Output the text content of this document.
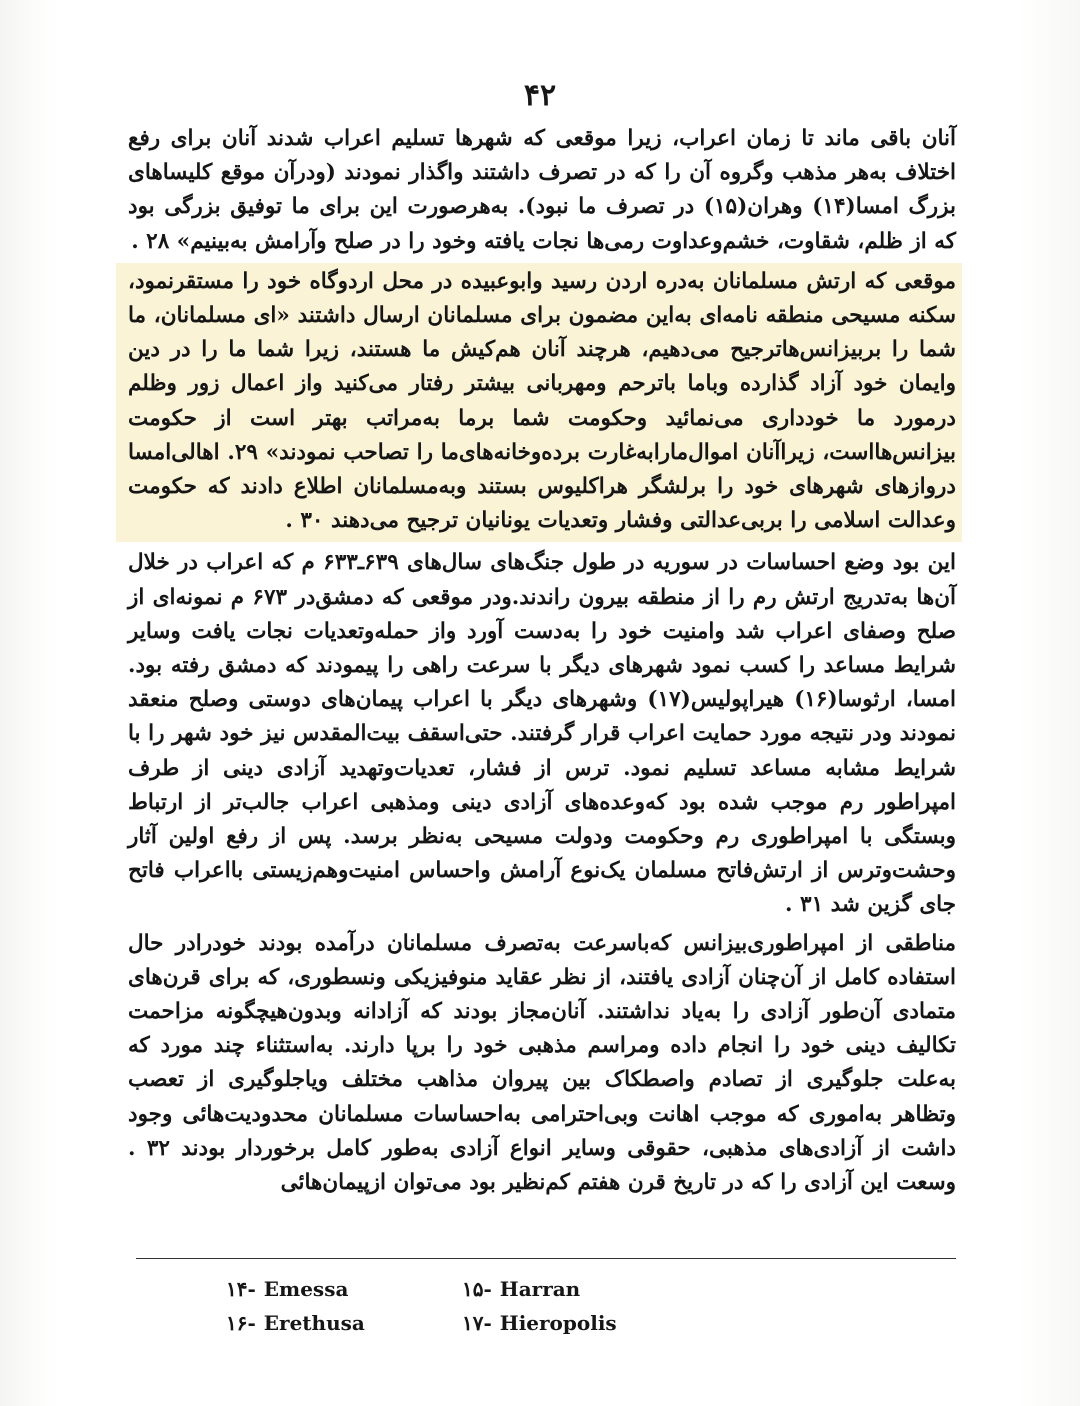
۴۲

آنان باقی ماند تا زمان اعراب، زیرا موقعی که شهرها تسلیم اعراب شدند آنان برای رفع اختلاف به‌هر مذهب وگروه آن را که در تصرف داشتند واگذار نمودند (ودرآن موقع کلیساهای بزرگ امسا(۱۴) وهران(۱۵) در تصرف ما نبود). به‌هرصورت این برای ما توفیق بزرگی بود که از ظلم، شقاوت، خشم‌وعداوت رمی‌ها نجات یافته وخود را در صلح وآرامش به‌بینیم» ۲۸ .

موقعی که ارتش مسلمانان به‌دره اردن رسید وابوعبیده در محل اردوگاه خود را مستقرنمود، سکنه مسیحی منطقه نامه‌ای به‌این مضمون برای مسلمانان ارسال داشتند «ای مسلمانان، ما شما را بربیزانس‌هاترجیح می‌دهیم، هرچند آنان هم‌کیش ما هستند، زیرا شما ما را در دین وایمان خود آزاد گذارده وباما باترحم ومهربانی بیشتر رفتار می‌کنید واز اعمال زور وظلم درمورد ما خودداری می‌نمائید وحکومت شما برما به‌مراتب بهتر است از حکومت بیزانس‌هااست، زیراآنان اموال‌مارابه‌غارت برده‌وخانه‌های‌ما را تصاحب نمودند» ۲۹. اهالی‌امسا دروازهای شهرهای خود را برلشگر هراکلیوس بستند وبه‌مسلمانان اطلاع دادند که حکومت وعدالت اسلامی را بربی‌عدالتی وفشار وتعدیات یونانیان ترجیح می‌دهند ۳۰ .

این بود وضع احساسات در سوریه در طول جنگ‌های سال‌های ۶۳۹ـ۶۳۳ م که اعراب در خلال آن‌ها به‌تدریج ارتش رم را از منطقه بیرون راندند.ودر موقعی که دمشق‌در ۶۷۳ م نمونه‌ای از صلح وصفای اعراب شد وامنیت خود را به‌دست آورد واز حمله‌وتعدیات نجات یافت وسایر شرایط مساعد را کسب نمود شهرهای دیگر با سرعت راهی را پیمودند که دمشق رفته بود. امسا، ارثوسا(۱۶) هیراپولیس(۱۷) وشهرهای دیگر با اعراب پیمان‌های دوستی وصلح منعقد نمودند ودر نتیجه مورد حمایت اعراب قرار گرفتند. حتی‌اسقف بیت‌المقدس نیز خود شهر را با شرایط مشابه مساعد تسلیم نمود. ترس از فشار، تعدیات‌وتهدید آزادی دینی از طرف امپراطور رم موجب شده بود که‌وعده‌های آزادی دینی ومذهبی اعراب جالب‌تر از ارتباط وبستگی با امپراطوری رم وحکومت ودولت مسیحی به‌نظر برسد. پس از رفع اولین آثار وحشت‌وترس از ارتش‌فاتح مسلمان یک‌نوع آرامش واحساس امنیت‌وهم‌زیستی بااعراب فاتح جای گزین شد ۳۱ .

مناطقی از امپراطوری‌بیزانس که‌باسرعت به‌تصرف مسلمانان درآمده بودند خودرادر حال استفاده کامل از آن‌چنان آزادی یافتند، از نظر عقاید منوفیزیکی ونسطوری، که برای قرن‌های متمادی آن‌طور آزادی را به‌یاد نداشتند. آنان‌مجاز بودند که آزادانه وبدون‌هیچگونه مزاحمت تکالیف دینی خود را انجام داده ومراسم مذهبی خود را برپا دارند. به‌استثناء چند مورد که به‌علت جلوگیری از تصادم واصطکاک بین پیروان مذاهب مختلف ویاجلوگیری از تعصب وتظاهر به‌اموری که موجب اهانت وبی‌احترامی به‌احساسات مسلمانان محدودیت‌هائی وجود داشت از آزادی‌های مذهبی، حقوقی وسایر انواع آزادی به‌طور کامل برخوردار بودند ۳۲ . وسعت این آزادی را که در تاریخ قرن هفتم کم‌نظیر بود می‌توان ازپیمان‌هائی

۱۴- Emessa	۱۵- Harran
۱۶- Erethusa	۱۷- Hieropolis
